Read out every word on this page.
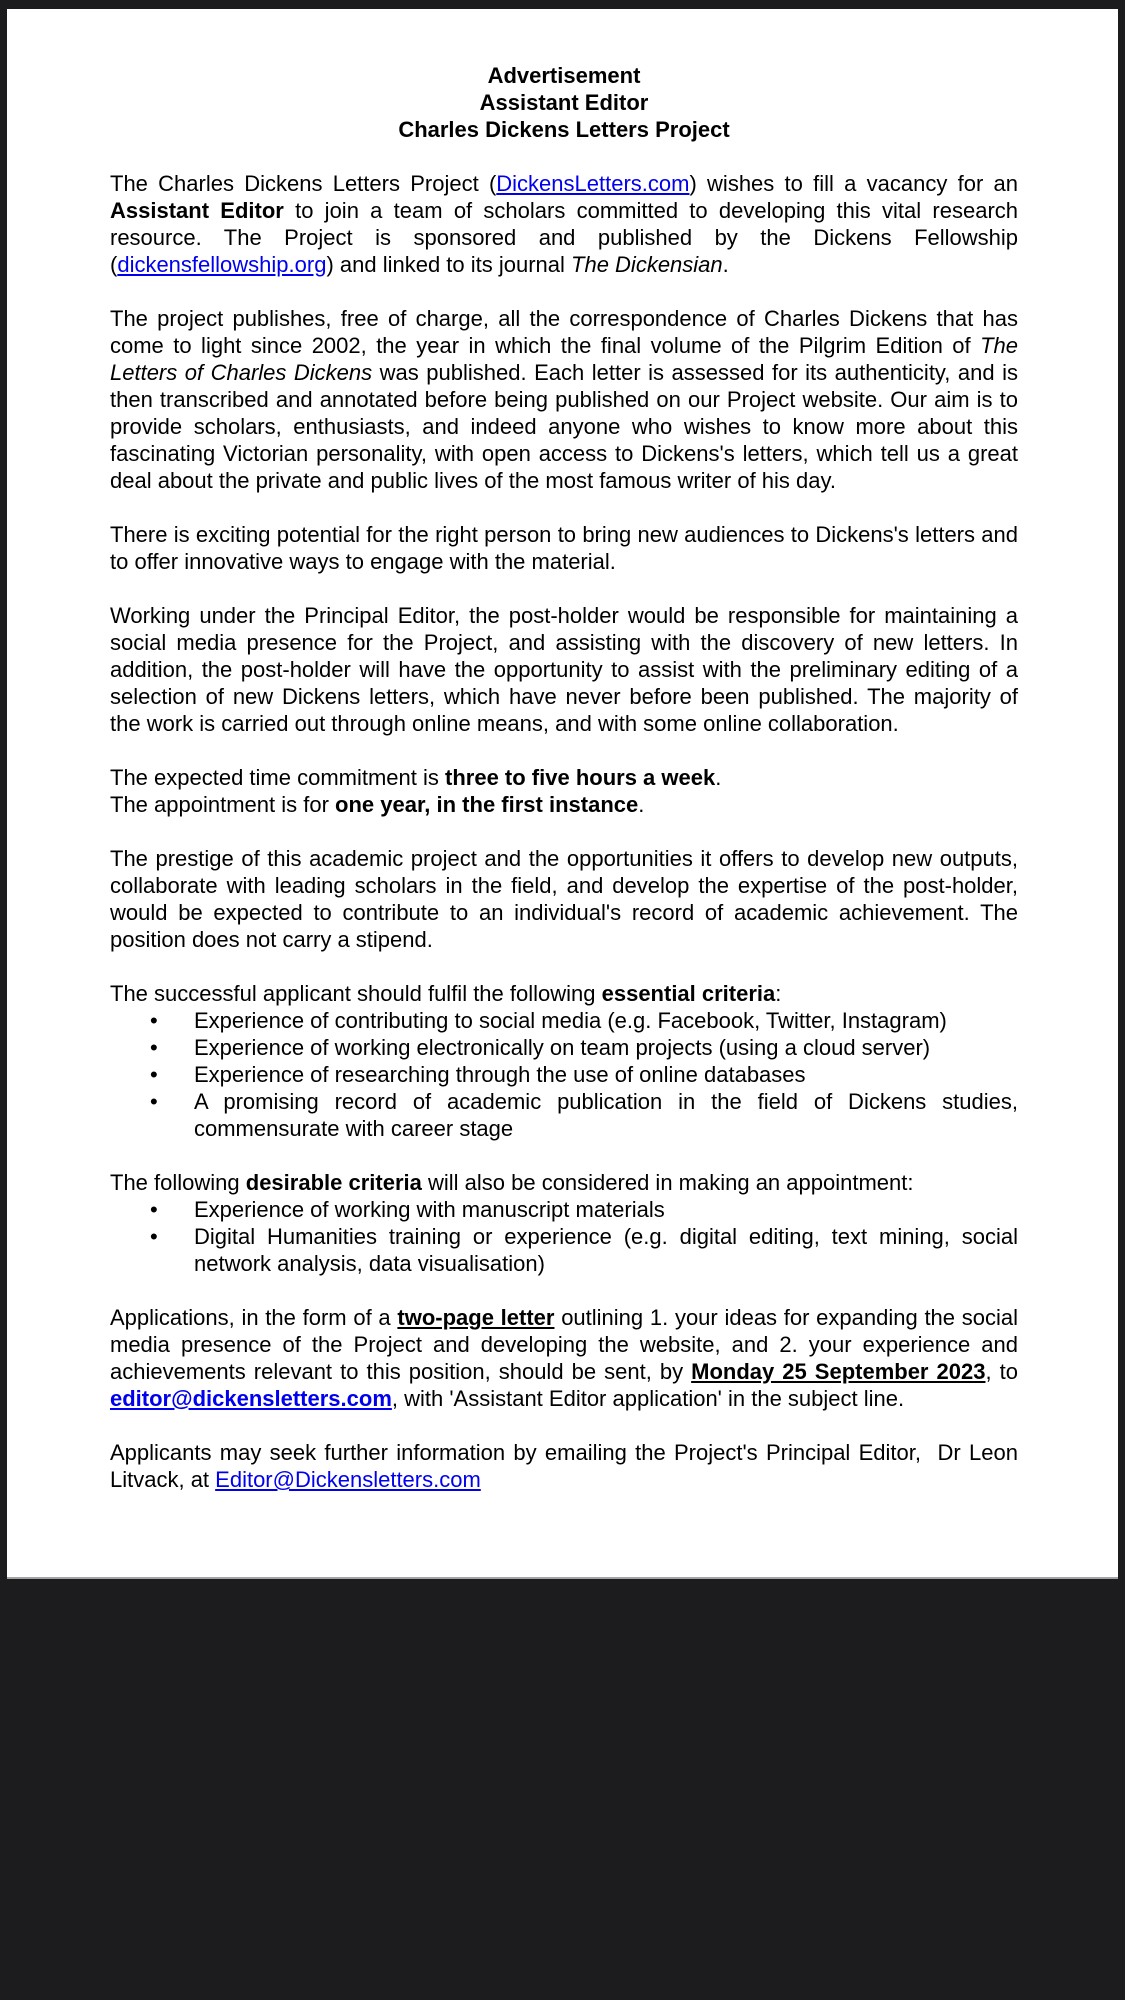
Advertisement
Assistant Editor
Charles Dickens Letters Project

The Charles Dickens Letters Project (DickensLetters.com) wishes to fill a vacancy for an Assistant Editor to join a team of scholars committed to developing this vital research resource. The Project is sponsored and published by the Dickens Fellowship (dickensfellowship.org) and linked to its journal The Dickensian.

The project publishes, free of charge, all the correspondence of Charles Dickens that has come to light since 2002, the year in which the final volume of the Pilgrim Edition of The Letters of Charles Dickens was published. Each letter is assessed for its authenticity, and is then transcribed and annotated before being published on our Project website. Our aim is to provide scholars, enthusiasts, and indeed anyone who wishes to know more about this fascinating Victorian personality, with open access to Dickens's letters, which tell us a great deal about the private and public lives of the most famous writer of his day.

There is exciting potential for the right person to bring new audiences to Dickens's letters and to offer innovative ways to engage with the material.

Working under the Principal Editor, the post-holder would be responsible for maintaining a social media presence for the Project, and assisting with the discovery of new letters. In addition, the post-holder will have the opportunity to assist with the preliminary editing of a selection of new Dickens letters, which have never before been published. The majority of the work is carried out through online means, and with some online collaboration.

The expected time commitment is three to five hours a week.

The appointment is for one year, in the first instance.

The prestige of this academic project and the opportunities it offers to develop new outputs, collaborate with leading scholars in the field, and develop the expertise of the post-holder, would be expected to contribute to an individual's record of academic achievement. The position does not carry a stipend.

The successful applicant should fulfil the following essential criteria:

• Experience of contributing to social media (e.g. Facebook, Twitter, Instagram)
• Experience of working electronically on team projects (using a cloud server)
• Experience of researching through the use of online databases
• A promising record of academic publication in the field of Dickens studies, commensurate with career stage

The following desirable criteria will also be considered in making an appointment:

• Experience of working with manuscript materials
• Digital Humanities training or experience (e.g. digital editing, text mining, social network analysis, data visualisation)

Applications, in the form of a two-page letter outlining 1. your ideas for expanding the social media presence of the Project and developing the website, and 2. your experience and achievements relevant to this position, should be sent, by Monday 25 September 2023, to editor@dickensletters.com, with 'Assistant Editor application' in the subject line.

Applicants may seek further information by emailing the Project's Principal Editor,  Dr Leon Litvack, at Editor@Dickensletters.com
